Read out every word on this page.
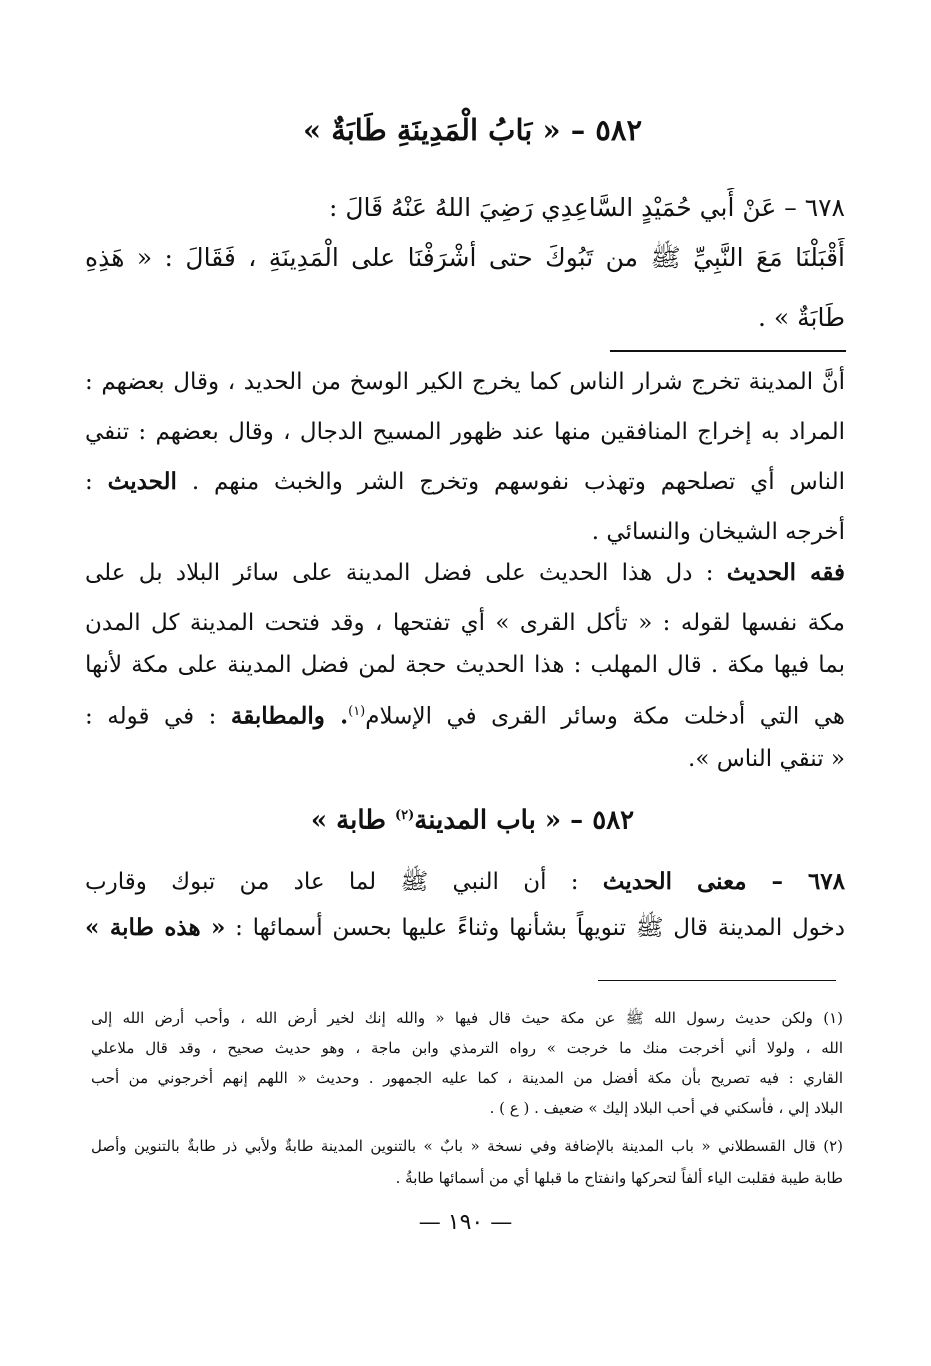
٥٨٢ – « بَابُ الْمَدِينَةِ طَابَةٌ »
٦٧٨ – عَنْ أَبي حُمَيْدٍ السَّاعِدِي رَضِيَ اللهُ عَنْهُ قَالَ :
أَقْبَلْنَا مَعَ النَّبِيِّ ﷺ من تَبُوكَ حتى أشْرَفْنَا على الْمَدِينَةِ ، فَقَالَ : « هَذِهِ
طَابَةٌ » .
أنَّ المدينة تخرج شرار الناس كما يخرج الكير الوسخ من الحديد ، وقال بعضهم :
المراد به إخراج المنافقين منها عند ظهور المسيح الدجال ، وقال بعضهم : تنفي
الناس أي تصلحهم وتهذب نفوسهم وتخرج الشر والخبث منهم . الحديث :
أخرجه الشيخان والنسائي .
فقه الحديث : دل هذا الحديث على فضل المدينة على سائر البلاد بل على
مكة نفسها لقوله : « تأكل القرى » أي تفتحها ، وقد فتحت المدينة كل المدن
بما فيها مكة . قال المهلب : هذا الحديث حجة لمن فضل المدينة على مكة لأنها
هي التي أدخلت مكة وسائر القرى في الإسلام$^{(١)}$. والمطابقة : في قوله :
« تنقي الناس ».
٥٨٢ – « باب المدينة$^{(٢)}$ طابة »
٦٧٨ – معنى الحديث : أن النبي ﷺ لما عاد من تبوك وقارب
دخول المدينة قال ﷺ تنويهاً بشأنها وثناءً عليها بحسن أسمائها : « هذه طابة »
(١) ولكن حديث رسول الله ﷺ عن مكة حيث قال فيها « والله إنك لخير أرض الله ، وأحب أرض الله إلى
الله ، ولولا أني أخرجت منك ما خرجت » رواه الترمذي وابن ماجة ، وهو حديث صحيح ، وقد قال ملاعلي
القاري : فيه تصريح بأن مكة أفضل من المدينة ، كما عليه الجمهور . وحديث « اللهم إنهم أخرجوني من أحب
البلاد إلي ، فأسكني في أحب البلاد إليك » ضعيف . ( ع ) .
(٢) قال القسطلاني « باب المدينة بالإضافة وفي نسخة « بابٌ » بالتنوين المدينة طابةٌ ولأبي ذر طابةٌ بالتنوين وأصل
طابة طيبة فقلبت الياء ألفاً لتحركها وانفتاح ما قبلها أي من أسمائها طابةُ .
— ١٩٠ —
